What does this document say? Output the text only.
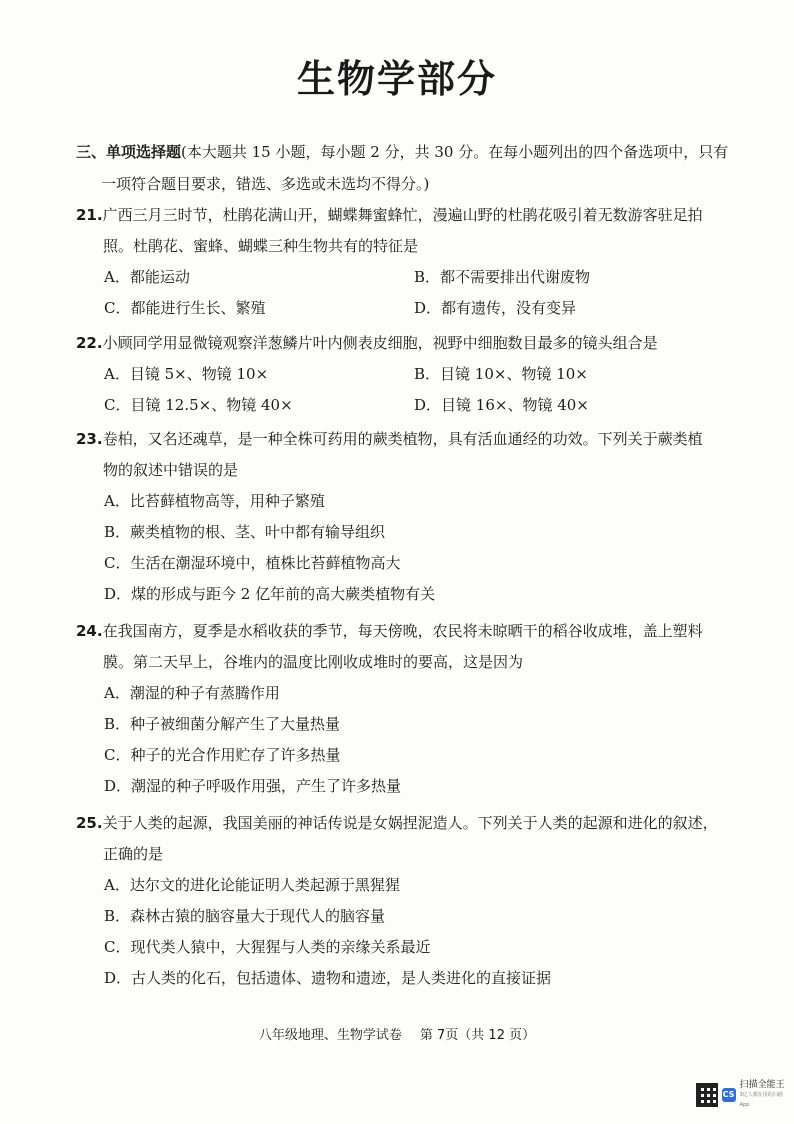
生物学部分
三、单项选择题(本大题共 15 小题，每小题 2 分，共 30 分。在每小题列出的四个备选项中，只有
一项符合题目要求，错选、多选或未选均不得分。)
21.广西三月三时节，杜鹃花满山开，蝴蝶舞蜜蜂忙，漫遍山野的杜鹃花吸引着无数游客驻足拍
照。杜鹃花、蜜蜂、蝴蝶三种生物共有的特征是
A．都能运动	B．都不需要排出代谢废物
C．都能进行生长、繁殖	D．都有遗传，没有变异
22.小顾同学用显微镜观察洋葱鳞片叶内侧表皮细胞，视野中细胞数目最多的镜头组合是
A．目镜 5×、物镜 10×	B．目镜 10×、物镜 10×
C．目镜 12.5×、物镜 40×	D．目镜 16×、物镜 40×
23.卷柏，又名还魂草，是一种全株可药用的蕨类植物，具有活血通经的功效。下列关于蕨类植
物的叙述中错误的是
A．比苔藓植物高等，用种子繁殖
B．蕨类植物的根、茎、叶中都有输导组织
C．生活在潮湿环境中，植株比苔藓植物高大
D．煤的形成与距今 2 亿年前的高大蕨类植物有关
24.在我国南方，夏季是水稻收获的季节，每天傍晚，农民将未晾晒干的稻谷收成堆，盖上塑料
膜。第二天早上，谷堆内的温度比刚收成堆时的要高，这是因为
A．潮湿的种子有蒸腾作用
B．种子被细菌分解产生了大量热量
C．种子的光合作用贮存了许多热量
D．潮湿的种子呼吸作用强，产生了许多热量
25.关于人类的起源，我国美丽的神话传说是女娲捏泥造人。下列关于人类的起源和进化的叙述，
正确的是
A．达尔文的进化论能证明人类起源于黑猩猩
B．森林古猿的脑容量大于现代人的脑容量
C．现代类人猿中，大猩猩与人类的亲缘关系最近
D．古人类的化石，包括遗体、遗物和遗迹，是人类进化的直接证据
八年级地理、生物学试卷 第 7页（共 12 页）
CS
扫描全能王
3亿人都在用的扫描App
